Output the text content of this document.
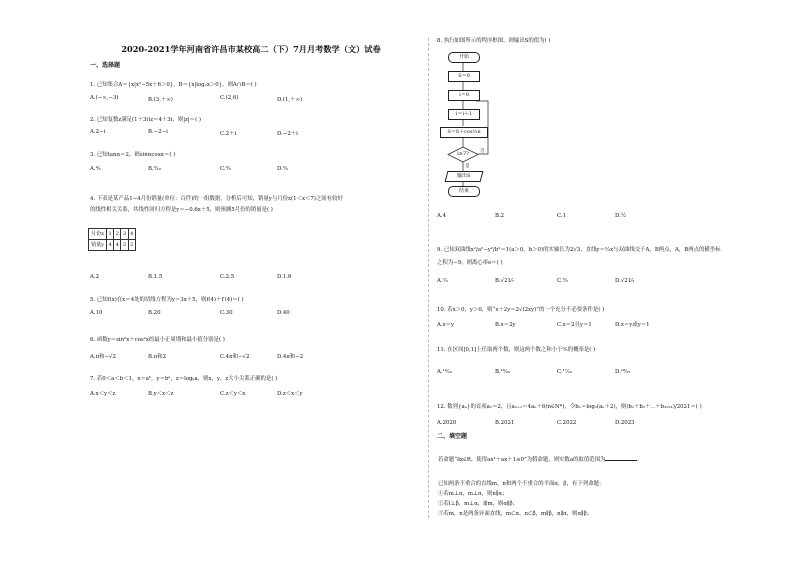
2020-2021学年河南省许昌市某校高二（下）7月月考数学（文）试卷
一、选择题
1. 已知集合A＝{x|x²−5x＋6＞0}，B＝{x|log₂x＞0}，则A∩B＝( )
A.(−∞,−3)	B.(3,＋∞)	C.(2,6)	D.(1,＋∞)
2. 已知复数z满足(1＋3i)z＝4＋3i，则|z|＝( )
A.2−i	B.−2−i	C.2＋i	D.−2＋i
3. 已知tanα＝2，则sinαcosα＝( )
A.⁴⁄₅	B.³⁄₁₀	C.⁶⁄₅	D.²⁄₅
4. 下表是某产品1∼4月份销量(单位：百件)的一组数据，分析后可知，销量y与月份x(1＜x＜7)之间有较好
的线性相关关系，其线性回归方程是y＝−0.6x＋5，则预测5月份的销量是( )
月份x	1	2	3	4
销量y	4	4	3	2
A.2	B.1.5	C.2.5	D.1.6
5. 已知f(x)在x＝4处的切线方程为y＝3x＋5，则f(4)＋f′(4)＝( )
A.10	B.20	C.30	D.40
6. 函数y＝sin²x＋cos²x的最小正周期和最小值分别是( )
A.π和−√2	B.π和2	C.4π和−√2	D.4π和−2
7. 若0＜a＜b＜1，x＝aᵇ，y＝bᵃ，z＝logᵦa，则x，y，z大小关系正确的是( )
A.x＜y＜z	B.y＜x＜z	C.z＜y＜x	D.z＜x＜y
8. 执行如图所示的程序框图，则输出S的值为( )
开始
S＝0
i＝0
i＝i＋1
S＝S＋cos⅓π
i≥7?	否
是
输出S
结束
A.4	B.2	C.1	D.½
9. 已知双曲线x²/a²−y²/b²＝1(a＞0，b＞0)的实轴长为2√3，直线y＝²⁄₃x与双曲线交于A，B两点，A，B两点的横坐标
之积为−9，则离心率e＝( )
A.⁷⁄₃	B.√21⁄₇	C.⁵⁄₃	D.√21⁄₃
10. 若x＞0，y＞0，则“x＋2y＝2√(2xy)”的一个充分不必要条件是( )
A.x＝y	B.x＝2y	C.x＝2且y＝1	D.x＝y或y＝1
11. 在区间[0,1]上任取两个数，则这两个数之和小于⁶⁄₅的概率是( )
A.¹²⁄₂₅	B.¹⁶⁄₂₅	C.¹⁷⁄₂₅	D.¹⁸⁄₂₅
12. 数列{aₙ}的首项a₁＝2，且aₙ₊₁＝4aₙ＋6(n∈N*)，令bₙ＝log₂(aₙ＋2)，则(b₁＋b₂＋⋯＋b₂₀₂₁)/2021＝( )
A.2020	B.2021	C.2022	D.2023
二、填空题
若命题“∃x∈R，使得ax²＋ax＋1≤0”为假命题，则实数a的取值范围为	.
已知两条不重合的直线m，n和两个不重合的平面α，β，有下列命题：
①若m⊥n，m⊥α，则n∥α；
②若l⊥β，m⊥α，l∥m，则α∥β；
③若m，n是两条异面直线，m⊂α，n⊂β，m∥β，n∥α，则α∥β；
